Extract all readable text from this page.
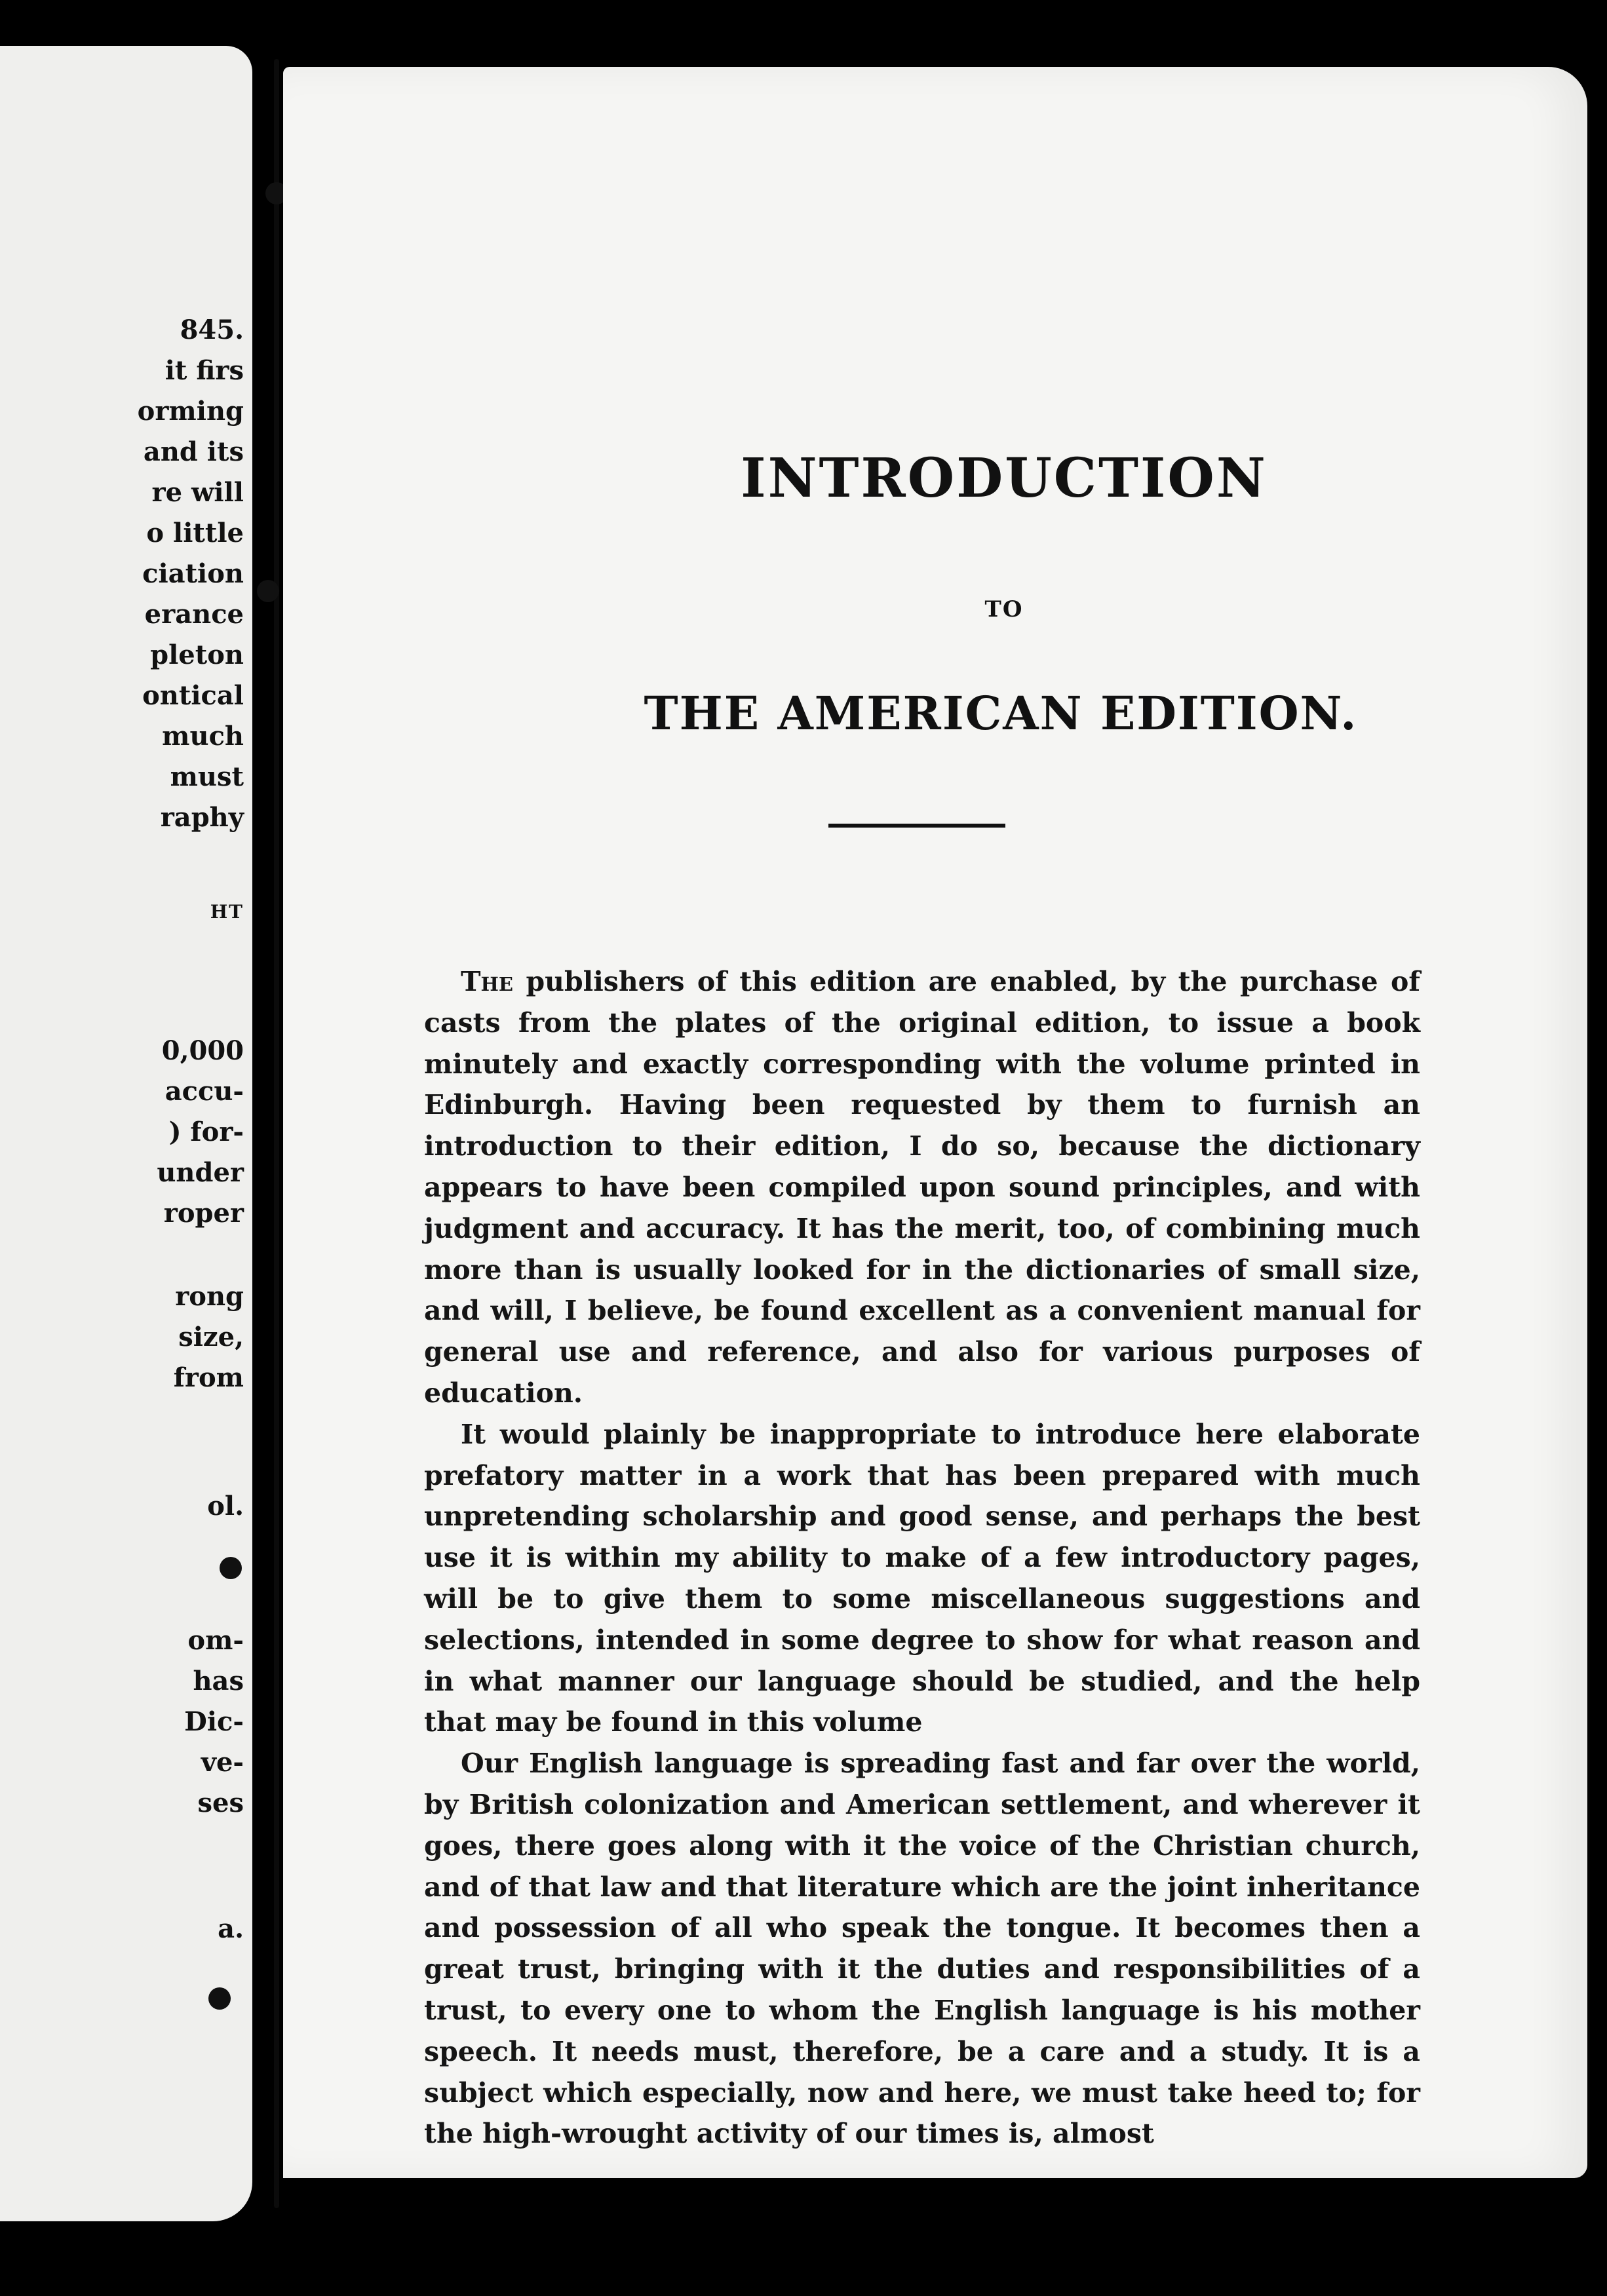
845.
it firs
orming
and its
re will
o little
ciation
erance
pleton
ontical
much
must
raphy
HT
0,000
accu-
) for-
under
roper
rong
size,
from
ol.
om-
has
Dic-
ve-
ses
a.
INTRODUCTION
TO
THE AMERICAN EDITION.

The publishers of this edition are enabled, by the purchase of casts from the plates of the original edition, to issue a book minutely and exactly corresponding with the volume printed in Edinburgh. Having been requested by them to furnish an introduction to their edition, I do so, because the dictionary appears to have been compiled upon sound principles, and with judgment and accuracy. It has the merit, too, of combining much more than is usually looked for in the dictionaries of small size, and will, I believe, be found excellent as a convenient manual for general use and reference, and also for various purposes of education.

It would plainly be inappropriate to introduce here elaborate prefatory matter in a work that has been prepared with much unpretending scholarship and good sense, and perhaps the best use it is within my ability to make of a few introductory pages, will be to give them to some miscellaneous suggestions and selections, intended in some degree to show for what reason and in what manner our language should be studied, and the help that may be found in this volume

Our English language is spreading fast and far over the world, by British colonization and American settlement, and wherever it goes, there goes along with it the voice of the Christian church, and of that law and that literature which are the joint inheritance and possession of all who speak the tongue. It becomes then a great trust, bringing with it the duties and responsibilities of a trust, to every one to whom the English language is his mother speech. It needs must, therefore, be a care and a study. It is a subject which especially, now and here, we must take heed to; for the high-wrought activity of our times is, almost
